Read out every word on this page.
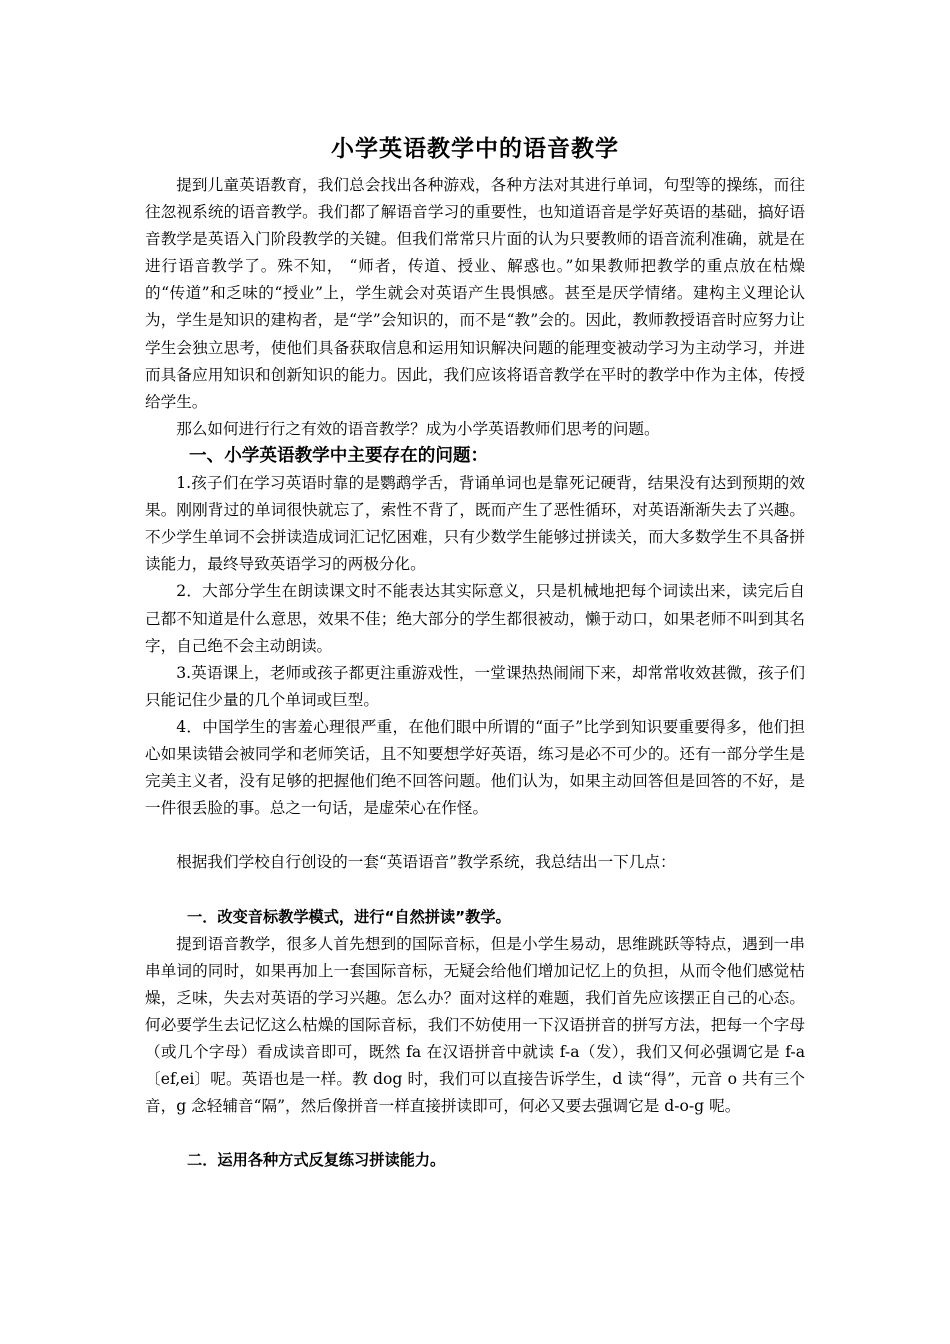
小学英语教学中的语音教学

提到儿童英语教育，我们总会找出各种游戏，各种方法对其进行单词，句型等的操练，而往往忽视系统的语音教学。我们都了解语音学习的重要性，也知道语音是学好英语的基础，搞好语音教学是英语入门阶段教学的关键。但我们常常只片面的认为只要教师的语音流利准确，就是在进行语音教学了。殊不知， “师者，传道、授业、解惑也。”如果教师把教学的重点放在枯燥的“传道”和乏味的“授业”上，学生就会对英语产生畏惧感。甚至是厌学情绪。建构主义理论认为，学生是知识的建构者，是“学”会知识的，而不是“教”会的。因此，教师教授语音时应努力让学生会独立思考，使他们具备获取信息和运用知识解决问题的能理变被动学习为主动学习，并进而具备应用知识和创新知识的能力。因此，我们应该将语音教学在平时的教学中作为主体，传授给学生。

那么如何进行行之有效的语音教学？成为小学英语教师们思考的问题。

一、小学英语教学中主要存在的问题：

1.孩子们在学习英语时靠的是鹦鹉学舌，背诵单词也是靠死记硬背，结果没有达到预期的效果。刚刚背过的单词很快就忘了，索性不背了，既而产生了恶性循环，对英语渐渐失去了兴趣。不少学生单词不会拼读造成词汇记忆困难，只有少数学生能够过拼读关，而大多数学生不具备拼读能力，最终导致英语学习的两极分化。

2．大部分学生在朗读课文时不能表达其实际意义，只是机械地把每个词读出来，读完后自己都不知道是什么意思，效果不佳；绝大部分的学生都很被动，懒于动口，如果老师不叫到其名字，自己绝不会主动朗读。

3.英语课上，老师或孩子都更注重游戏性，一堂课热热闹闹下来，却常常收效甚微，孩子们只能记住少量的几个单词或巨型。

4．中国学生的害羞心理很严重，在他们眼中所谓的“面子”比学到知识要重要得多，他们担心如果读错会被同学和老师笑话，且不知要想学好英语，练习是必不可少的。还有一部分学生是完美主义者，没有足够的把握他们绝不回答问题。他们认为，如果主动回答但是回答的不好，是一件很丢脸的事。总之一句话，是虚荣心在作怪。

根据我们学校自行创设的一套“英语语音”教学系统，我总结出一下几点：

一．改变音标教学模式，进行“自然拼读”教学。

提到语音教学，很多人首先想到的国际音标，但是小学生易动，思维跳跃等特点，遇到一串串单词的同时，如果再加上一套国际音标，无疑会给他们增加记忆上的负担，从而令他们感觉枯燥，乏味，失去对英语的学习兴趣。怎么办？面对这样的难题，我们首先应该摆正自己的心态。何必要学生去记忆这么枯燥的国际音标，我们不妨使用一下汉语拼音的拼写方法，把每一个字母（或几个字母）看成读音即可，既然 fa 在汉语拼音中就读 f-a（发），我们又何必强调它是 f-a〔ef,ei〕呢。英语也是一样。教 dog 时，我们可以直接告诉学生，d 读“得”，元音 o 共有三个音，g 念轻辅音“隔”，然后像拼音一样直接拼读即可，何必又要去强调它是 d-o-g 呢。

二．运用各种方式反复练习拼读能力。
